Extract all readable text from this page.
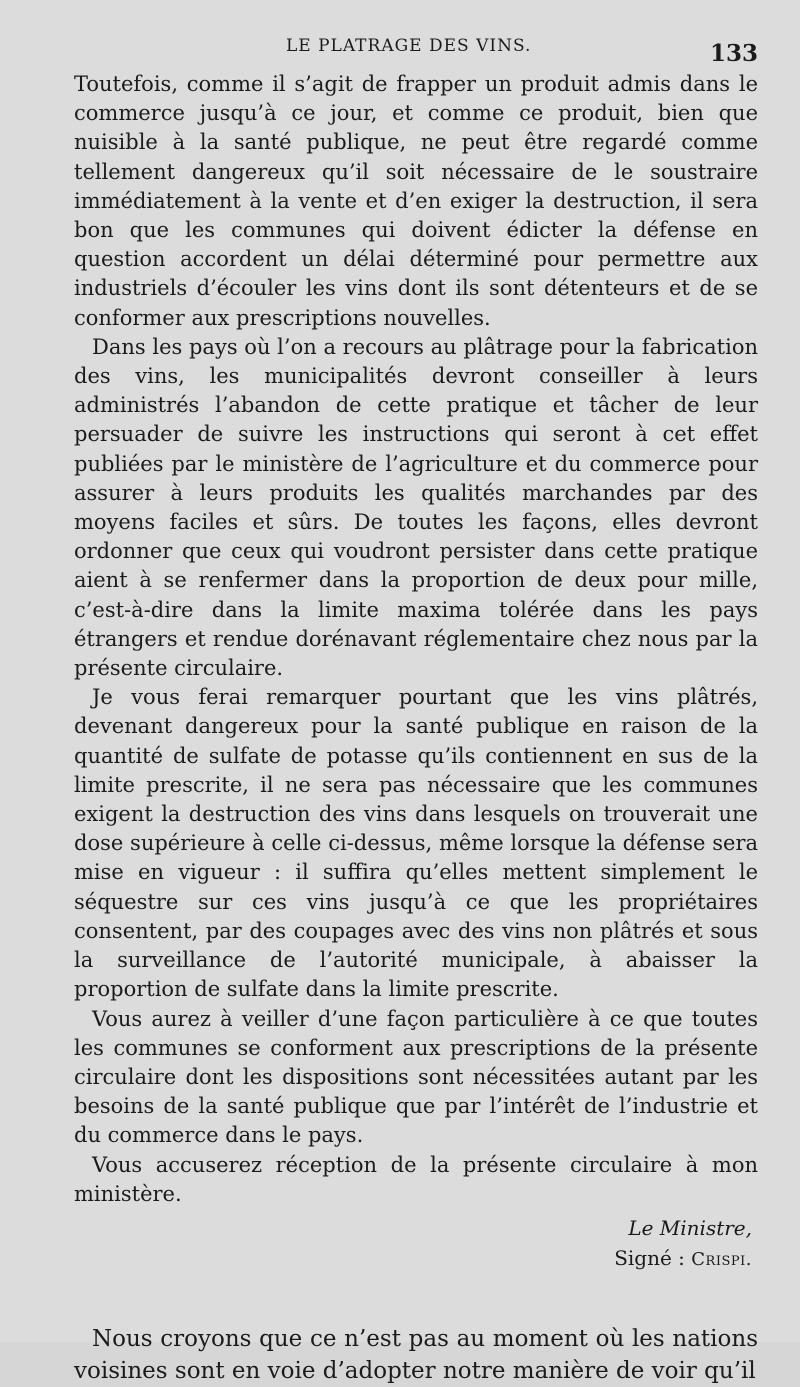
LE PLATRAGE DES VINS.	133

Toutefois, comme il s’agit de frapper un produit admis dans le commerce jusqu’à ce jour, et comme ce produit, bien que nuisible à la santé publique, ne peut être regardé comme tellement dangereux qu’il soit nécessaire de le soustraire immédiatement à la vente et d’en exiger la destruction, il sera bon que les communes qui doivent édicter la défense en question accordent un délai déterminé pour permettre aux industriels d’écouler les vins dont ils sont détenteurs et de se conformer aux prescriptions nouvelles.

Dans les pays où l’on a recours au plâtrage pour la fabrication des vins, les municipalités devront conseiller à leurs administrés l’abandon de cette pratique et tâcher de leur persuader de suivre les instructions qui seront à cet effet publiées par le ministère de l’agriculture et du commerce pour assurer à leurs produits les qualités marchandes par des moyens faciles et sûrs. De toutes les façons, elles devront ordonner que ceux qui voudront persister dans cette pratique aient à se renfermer dans la proportion de deux pour mille, c’est-à-dire dans la limite maxima tolérée dans les pays étrangers et rendue dorénavant réglementaire chez nous par la présente circulaire.

Je vous ferai remarquer pourtant que les vins plâtrés, devenant dangereux pour la santé publique en raison de la quantité de sulfate de potasse qu’ils contiennent en sus de la limite prescrite, il ne sera pas nécessaire que les communes exigent la destruction des vins dans lesquels on trouverait une dose supérieure à celle ci-dessus, même lorsque la défense sera mise en vigueur : il suffira qu’elles mettent simplement le séquestre sur ces vins jusqu’à ce que les propriétaires consentent, par des coupages avec des vins non plâtrés et sous la surveillance de l’autorité municipale, à abaisser la proportion de sulfate dans la limite prescrite.

Vous aurez à veiller d’une façon particulière à ce que toutes les communes se conforment aux prescriptions de la présente circulaire dont les dispositions sont nécessitées autant par les besoins de la santé publique que par l’intérêt de l’industrie et du commerce dans le pays.

Vous accuserez réception de la présente circulaire à mon ministère.

Le Ministre,
Signé : Crispi.

Nous croyons que ce n’est pas au moment où les nations voisines sont en voie d’adopter notre manière de voir qu’il
